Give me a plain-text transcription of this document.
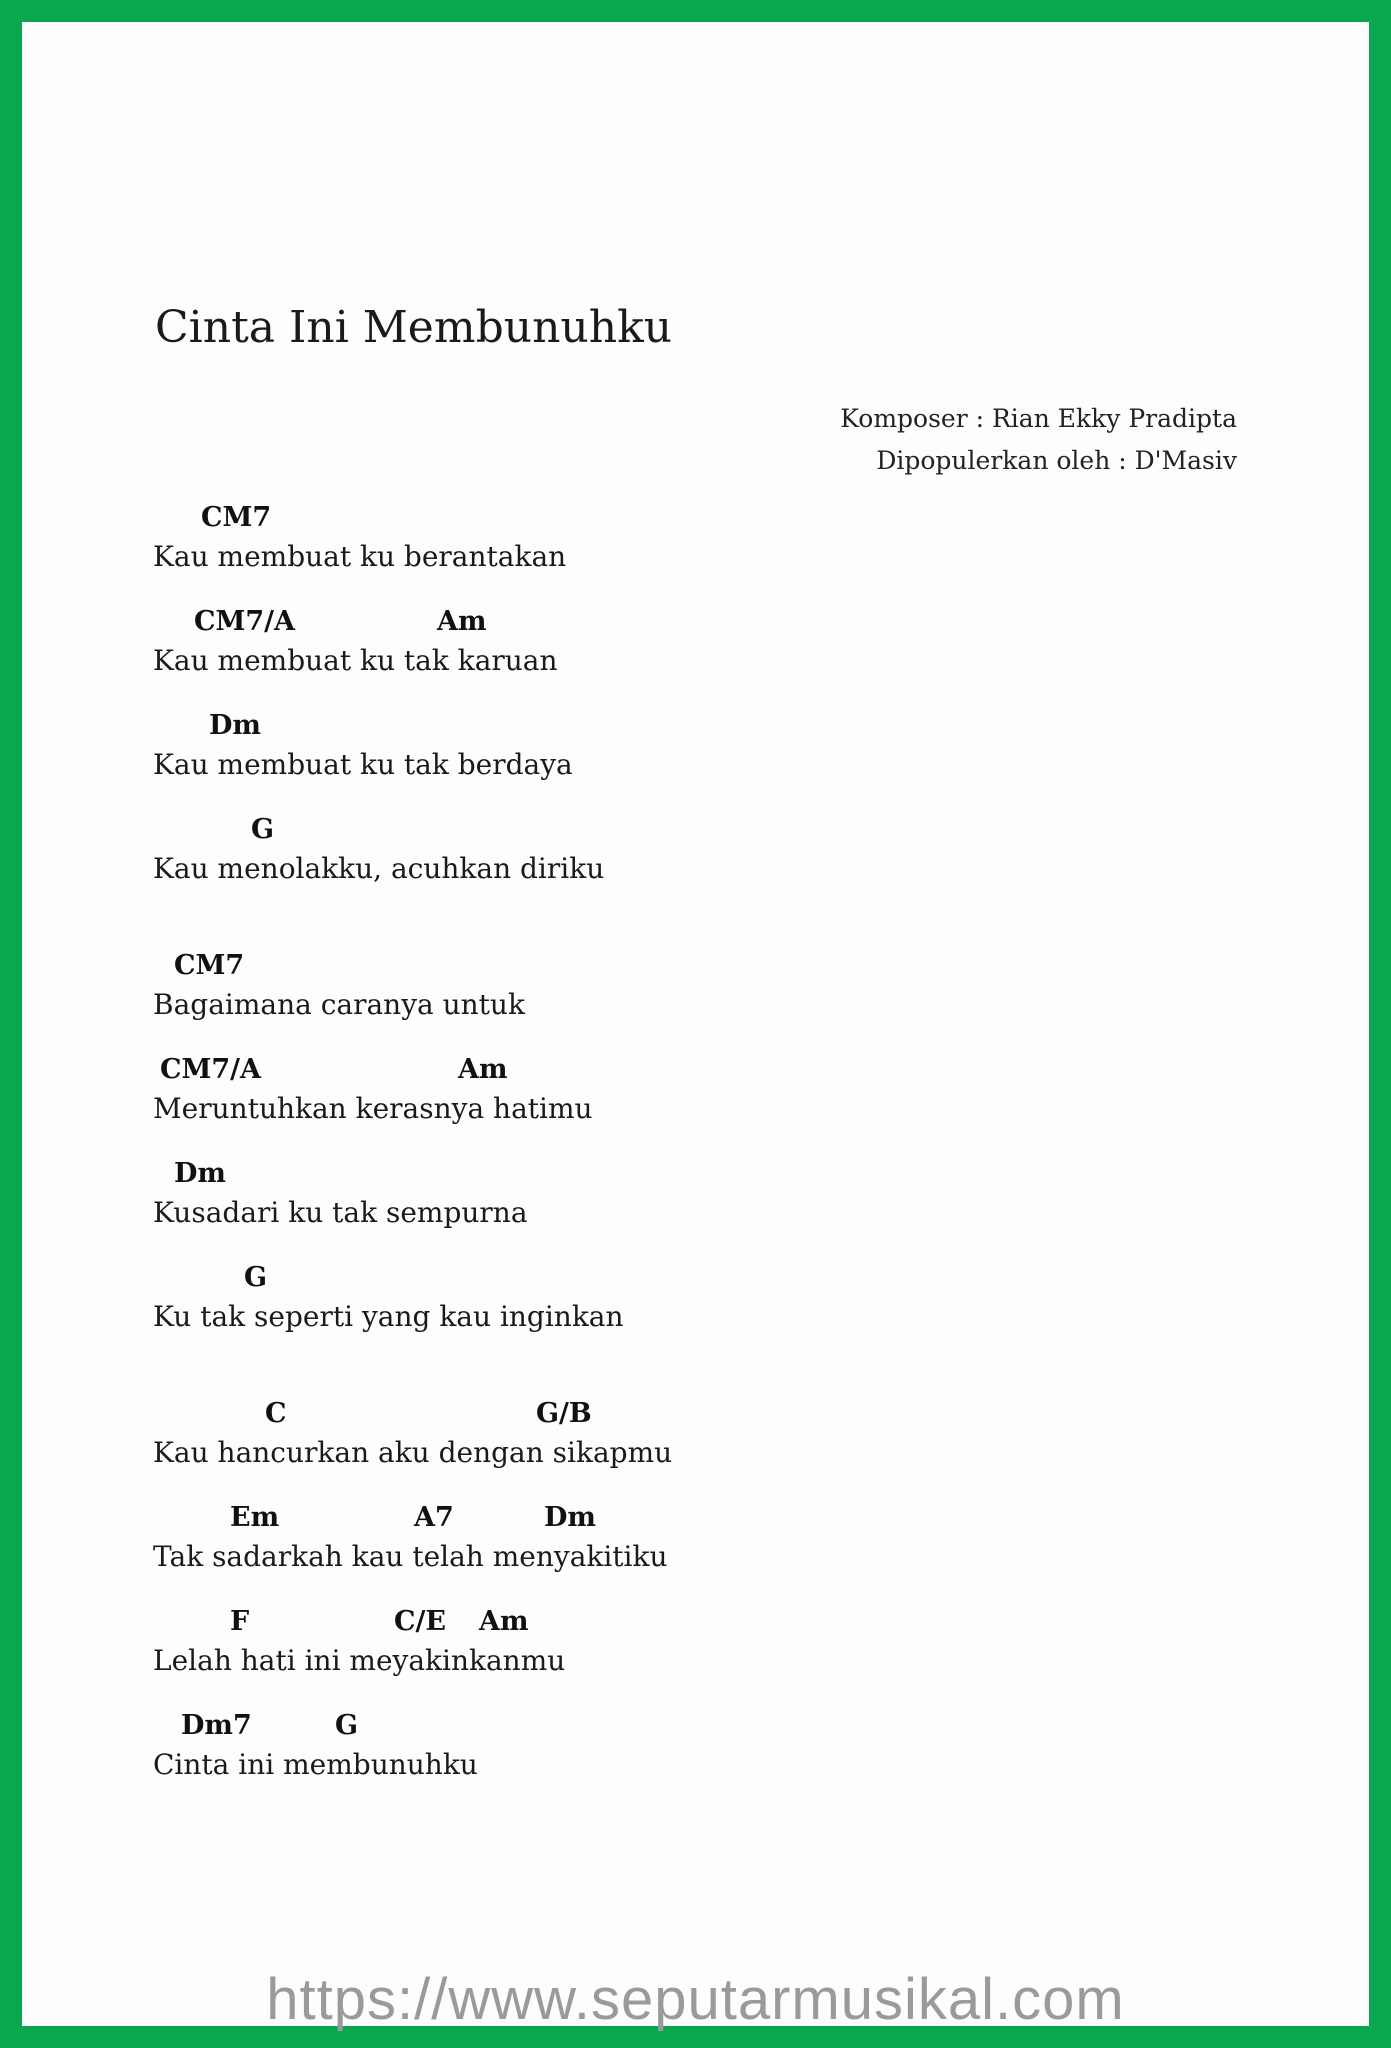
Cinta Ini Membunuhku
Komposer : Rian Ekky Pradipta
Dipopulerkan oleh : D'Masiv
CM7
Kau membuat ku berantakan
CM7/A	Am
Kau membuat ku tak karuan
Dm
Kau membuat ku tak berdaya
G
Kau menolakku, acuhkan diriku
CM7
Bagaimana caranya untuk
CM7/A	Am
Meruntuhkan kerasnya hatimu
Dm
Kusadari ku tak sempurna
G
Ku tak seperti yang kau inginkan
C	G/B
Kau hancurkan aku dengan sikapmu
Em	A7	Dm
Tak sadarkah kau telah menyakitiku
F	C/E Am
Lelah hati ini meyakinkanmu
Dm7	G
Cinta ini membunuhku
https://www.seputarmusikal.com
